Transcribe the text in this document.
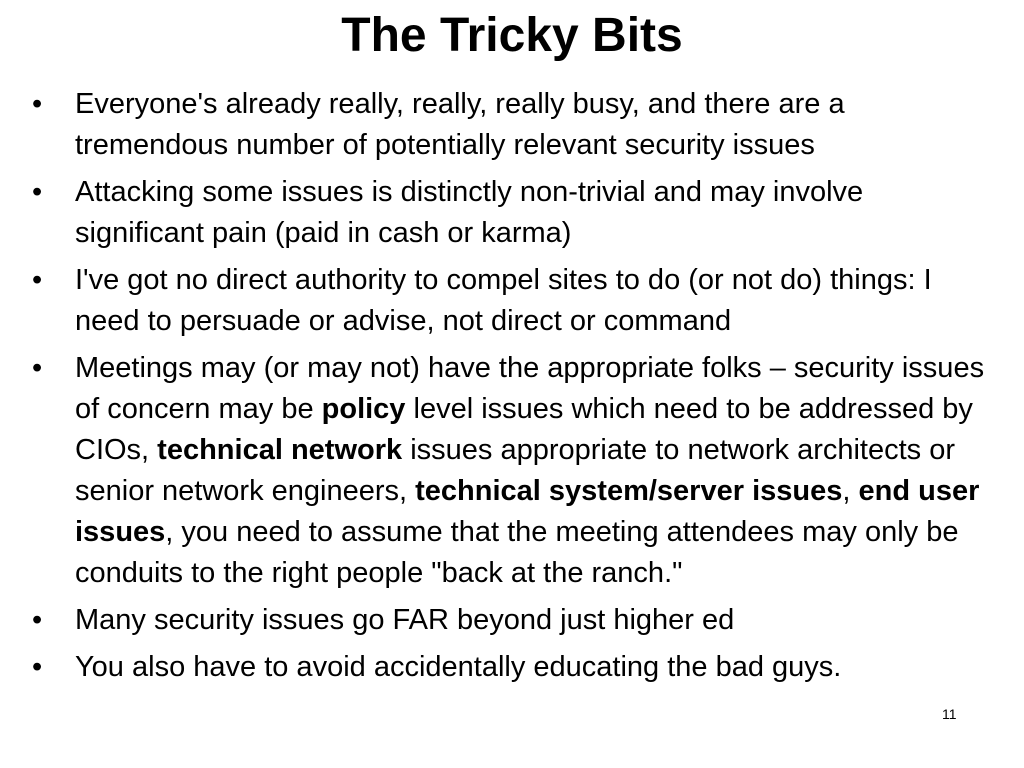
The Tricky Bits
• Everyone's already really, really, really busy, and there are a tremendous number of potentially relevant security issues
• Attacking some issues is distinctly non-trivial and may involve significant pain (paid in cash or karma)
• I've got no direct authority to compel sites to do (or not do) things: I need to persuade or advise, not direct or command
• Meetings may (or may not) have the appropriate folks – security issues of concern may be policy level issues which need to be addressed by CIOs, technical network issues appropriate to network architects or senior network engineers, technical system/server issues, end user issues, you need to assume that the meeting attendees may only be conduits to the right people "back at the ranch."
• Many security issues go FAR beyond just higher ed
• You also have to avoid accidentally educating the bad guys.
11
